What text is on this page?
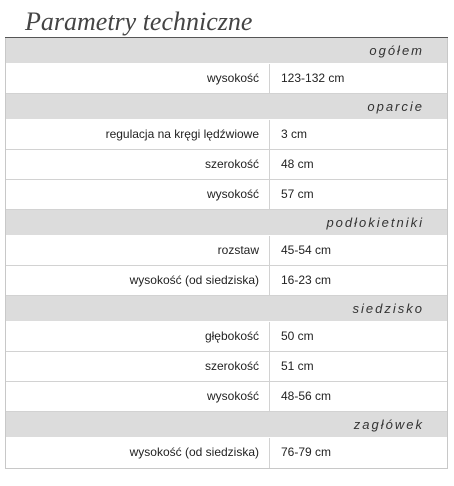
Parametry techniczne
ogółem
wysokość	123-132 cm
oparcie
regulacja na kręgi lędźwiowe	3 cm
szerokość	48 cm
wysokość	57 cm
podłokietniki
rozstaw	45-54 cm
wysokość (od siedziska)	16-23 cm
siedzisko
głębokość	50 cm
szerokość	51 cm
wysokość	48-56 cm
zagłówek
wysokość (od siedziska)	76-79 cm
